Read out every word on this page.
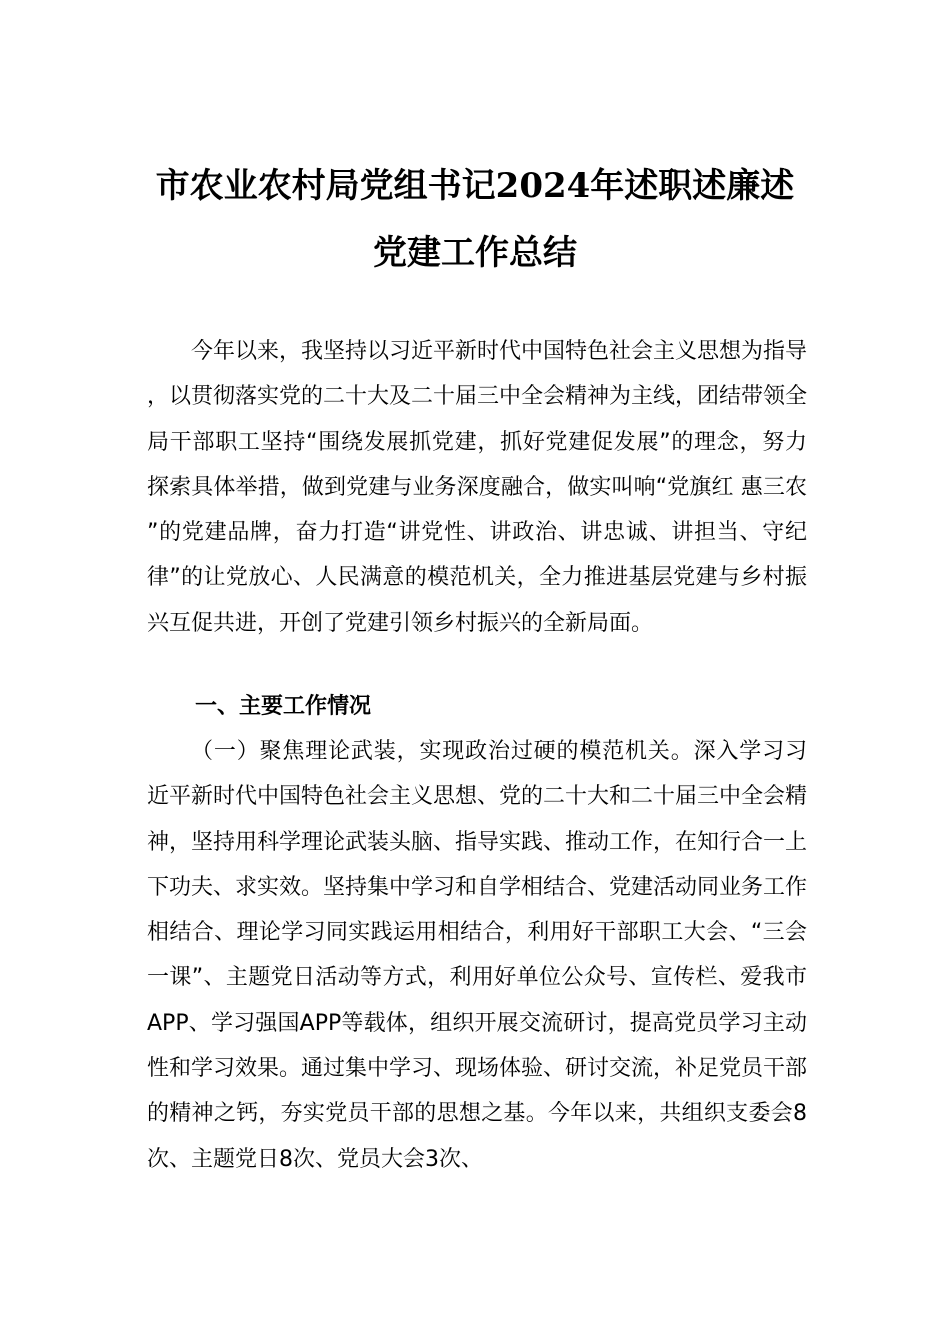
市农业农村局党组书记2024年述职述廉述
党建工作总结
今年以来，我坚持以习近平新时代中国特色社会主义思想为指导，以贯彻落实党的二十大及二十届三中全会精神为主线，团结带领全局干部职工坚持“围绕发展抓党建，抓好党建促发展”的理念，努力探索具体举措，做到党建与业务深度融合，做实叫响“党旗红 惠三农”的党建品牌，奋力打造“讲党性、讲政治、讲忠诚、讲担当、守纪律”的让党放心、人民满意的模范机关，全力推进基层党建与乡村振兴互促共进，开创了党建引领乡村振兴的全新局面。
一、主要工作情况
（一）聚焦理论武装，实现政治过硬的模范机关。深入学习习近平新时代中国特色社会主义思想、党的二十大和二十届三中全会精神，坚持用科学理论武装头脑、指导实践、推动工作，在知行合一上下功夫、求实效。坚持集中学习和自学相结合、党建活动同业务工作相结合、理论学习同实践运用相结合，利用好干部职工大会、“三会一课”、主题党日活动等方式，利用好单位公众号、宣传栏、爱我市APP、学习强国APP等载体，组织开展交流研讨，提高党员学习主动性和学习效果。通过集中学习、现场体验、研讨交流，补足党员干部的精神之钙，夯实党员干部的思想之基。今年以来，共组织支委会8次、主题党日8次、党员大会3次、
